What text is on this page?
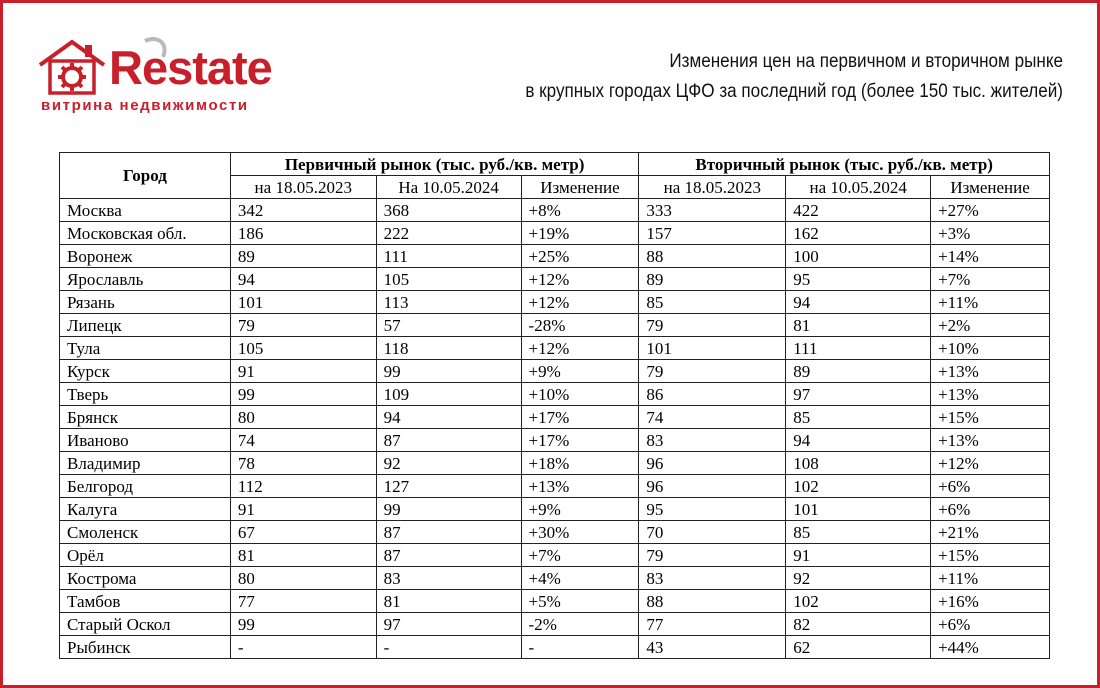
Restate
витрина недвижимости
Изменения цен на первичном и вторичном рынке
в крупных городах ЦФО за последний год (более 150 тыс. жителей)
Город	Первичный рынок (тыс. руб./кв. метр)			Вторичный рынок (тыс. руб./кв. метр)		
	на 18.05.2023	На 10.05.2024	Изменение	на 18.05.2023	на 10.05.2024	Изменение
Москва	342	368	+8%	333	422	+27%
Московская обл.	186	222	+19%	157	162	+3%
Воронеж	89	111	+25%	88	100	+14%
Ярославль	94	105	+12%	89	95	+7%
Рязань	101	113	+12%	85	94	+11%
Липецк	79	57	-28%	79	81	+2%
Тула	105	118	+12%	101	111	+10%
Курск	91	99	+9%	79	89	+13%
Тверь	99	109	+10%	86	97	+13%
Брянск	80	94	+17%	74	85	+15%
Иваново	74	87	+17%	83	94	+13%
Владимир	78	92	+18%	96	108	+12%
Белгород	112	127	+13%	96	102	+6%
Калуга	91	99	+9%	95	101	+6%
Смоленск	67	87	+30%	70	85	+21%
Орёл	81	87	+7%	79	91	+15%
Кострома	80	83	+4%	83	92	+11%
Тамбов	77	81	+5%	88	102	+16%
Старый Оскол	99	97	-2%	77	82	+6%
Рыбинск	-	-	-	43	62	+44%
